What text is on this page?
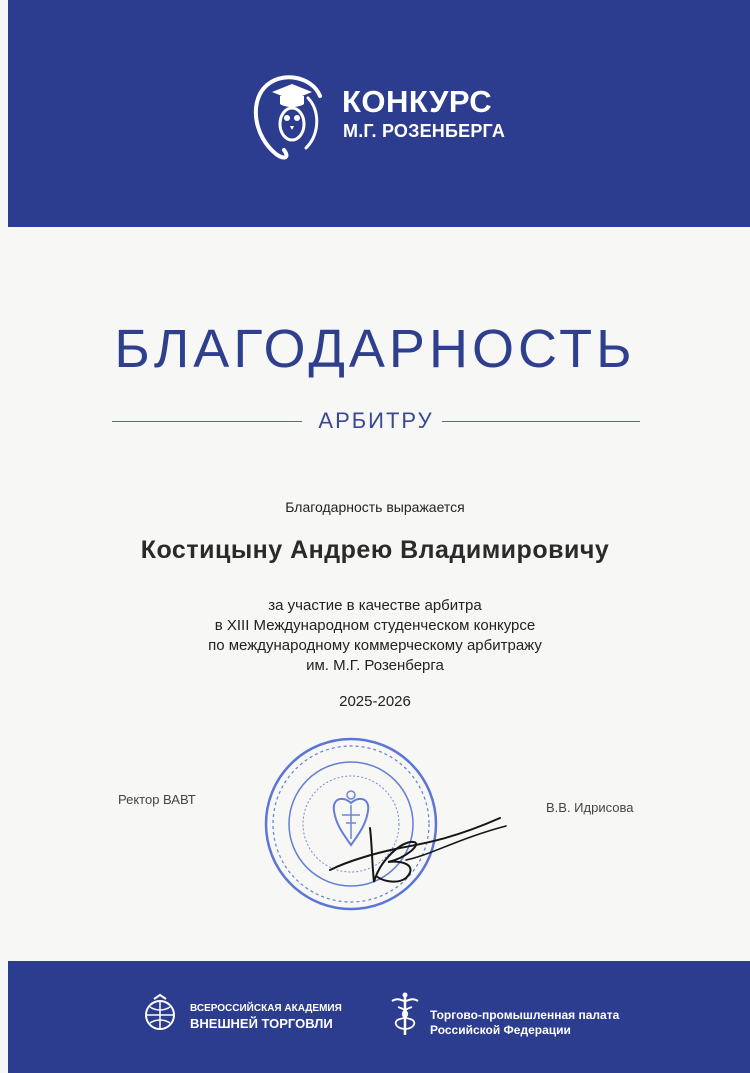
КОНКУРС
М.Г. РОЗЕНБЕРГА
БЛАГОДАРНОСТЬ
АРБИТРУ
Благодарность выражается
Костицыну Андрею Владимировичу
за участие в качестве арбитра
в XIII Международном студенческом конкурсе
по международному коммерческому арбитражу
им. М.Г. Розенберга
2025-2026
Ректор ВАВТ
В.В. Идрисова
ВСЕРОССИЙСКАЯ АКАДЕМИЯ
ВНЕШНЕЙ ТОРГОВЛИ
Торгово-промышленная палата
Российской Федерации
